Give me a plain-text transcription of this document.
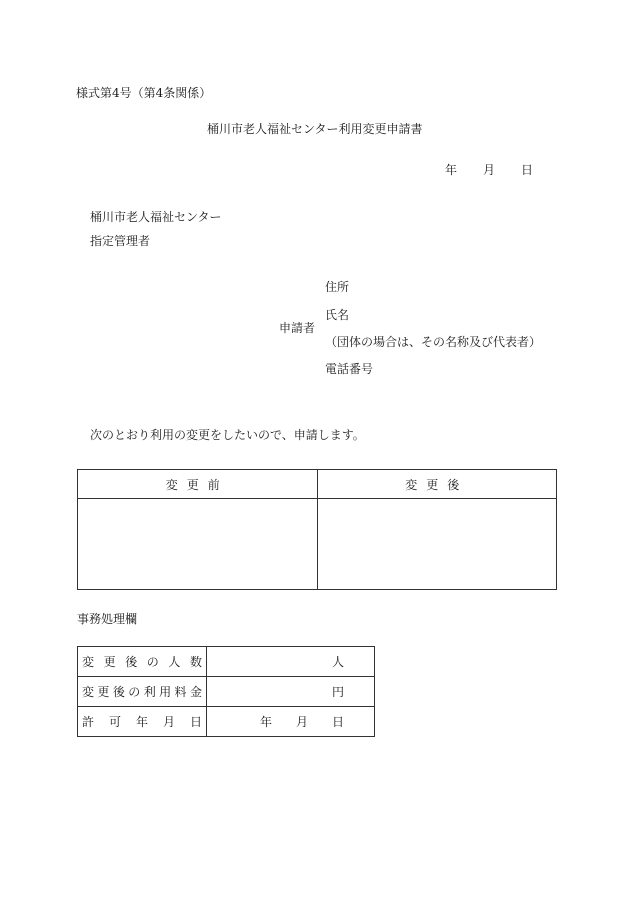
様式第4号（第4条関係）
桶川市老人福祉センター利用変更申請書
年 月 日
桶川市老人福祉センター
指定管理者
申請者
住所
氏名
（団体の場合は、その名称及び代表者）
電話番号
次のとおり利用の変更をしたいので、申請します。
変更前	変更後

事務処理欄
変更後の人数	人
変更後の利用料金	円
許可年月日	年 月 日
